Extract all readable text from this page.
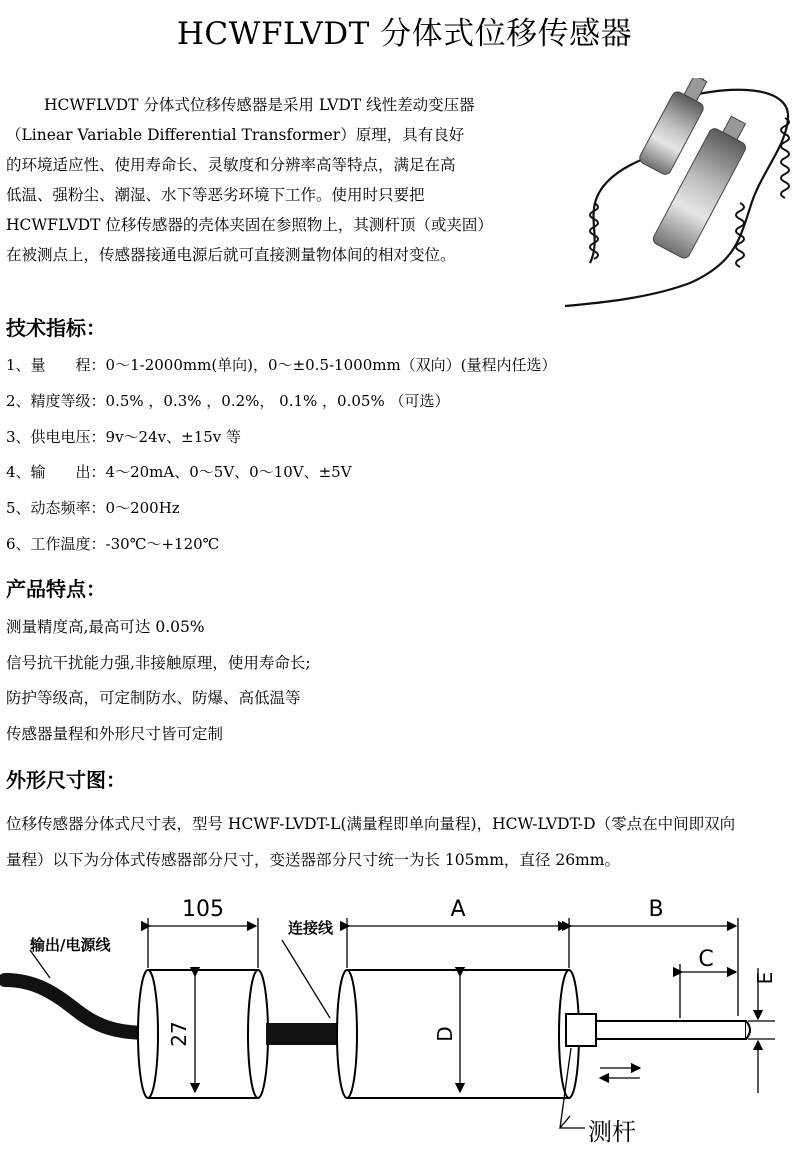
HCWFLVDT 分体式位移传感器
HCWFLVDT 分体式位移传感器是采用 LVDT 线性差动变压器
（Linear Variable Differential Transformer）原理，具有良好
的环境适应性、使用寿命长、灵敏度和分辨率高等特点，满足在高
低温、强粉尘、潮湿、水下等恶劣环境下工作。使用时只要把
HCWFLVDT 位移传感器的壳体夹固在参照物上，其测杆顶（或夹固）
在被测点上，传感器接通电源后就可直接测量物体间的相对变位。
技术指标：
1、量　　程：0～1-2000mm(单向)，0～±0.5-1000mm（双向）(量程内任选）
2、精度等级：0.5% ，0.3% ，0.2%， 0.1% ，0.05% （可选）
3、供电电压：9v～24v、±15v 等
4、输　　出：4～20mA、0～5V、0～10V、±5V
5、动态频率：0～200Hz
6、工作温度：-30℃～+120℃
产品特点：
测量精度高,最高可达 0.05%
信号抗干扰能力强,非接触原理，使用寿命长;
防护等级高，可定制防水、防爆、高低温等
传感器量程和外形尺寸皆可定制
外形尺寸图：
位移传感器分体式尺寸表，型号 HCWF-LVDT-L(满量程即单向量程)，HCW-LVDT-D（零点在中间即双向
量程）以下为分体式传感器部分尺寸，变送器部分尺寸统一为长 105mm，直径 26mm。
105	A	B
C
E
27	D
输出/电源线
连接线
测杆
